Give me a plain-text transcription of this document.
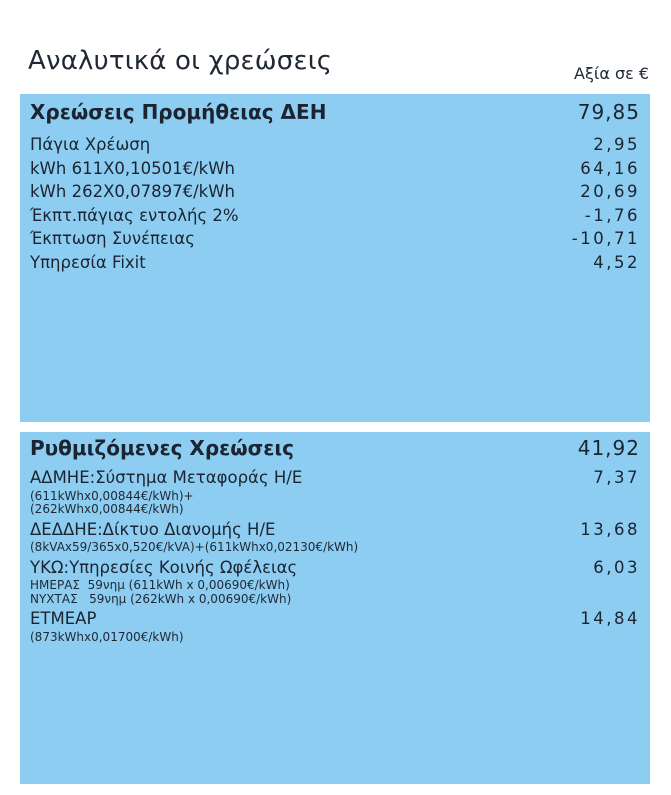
Αναλυτικά οι χρεώσεις	Αξία σε €
Χρεώσεις Προμήθειας ΔΕΗ	79,85
Πάγια Χρέωση	2,95
kWh 611X0,10501€/kWh	64,16
kWh 262X0,07897€/kWh	20,69
Έκπτ.πάγιας εντολής 2%	-1,76
Έκπτωση Συνέπειας	-10,71
Υπηρεσία Fixit	4,52
Ρυθμιζόμενες Χρεώσεις	41,92
ΑΔΜΗΕ:Σύστημα Μεταφοράς Η/Ε	7,37
(611kWhx0,00844€/kWh)+
(262kWhx0,00844€/kWh)
ΔΕΔΔΗΕ:Δίκτυο Διανομής Η/Ε	13,68
(8kVAx59/365x0,520€/kVA)+(611kWhx0,02130€/kWh)
ΥΚΩ:Υπηρεσίες Κοινής Ωφέλειας	6,03
ΗΜΕΡΑΣ  59νημ (611kWh x 0,00690€/kWh)
ΝΥΧΤΑΣ   59νημ (262kWh x 0,00690€/kWh)
ΕΤΜΕΑΡ	14,84
(873kWhx0,01700€/kWh)
